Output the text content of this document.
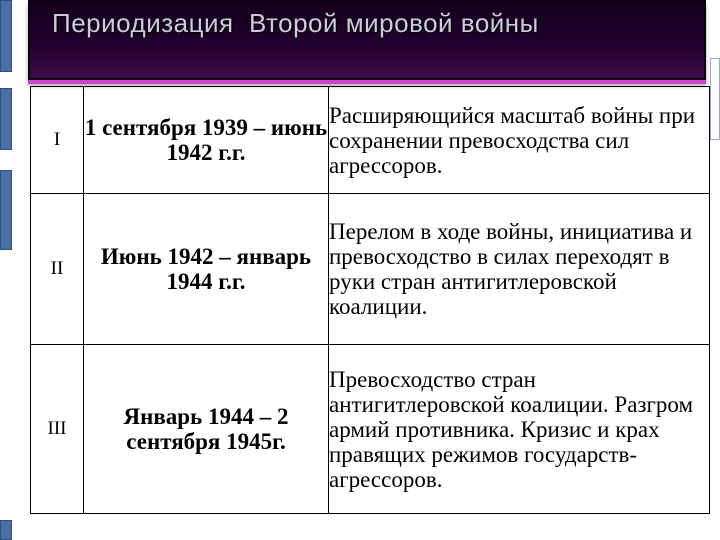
Периодизация  Второй мировой войны
I	1 сентября 1939 – июнь 1942 г.г.	Расширяющийся масштаб войны при сохранении превосходства сил агрессоров.
II	Июнь 1942 – январь 1944 г.г.	Перелом в ходе войны, инициатива и превосходство в силах переходят в руки стран антигитлеровской коалиции.
III	Январь 1944 – 2 сентября 1945г.	Превосходство стран антигитлеровской коалиции. Разгром армий противника. Кризис и крах правящих режимов государств-агрессоров.
